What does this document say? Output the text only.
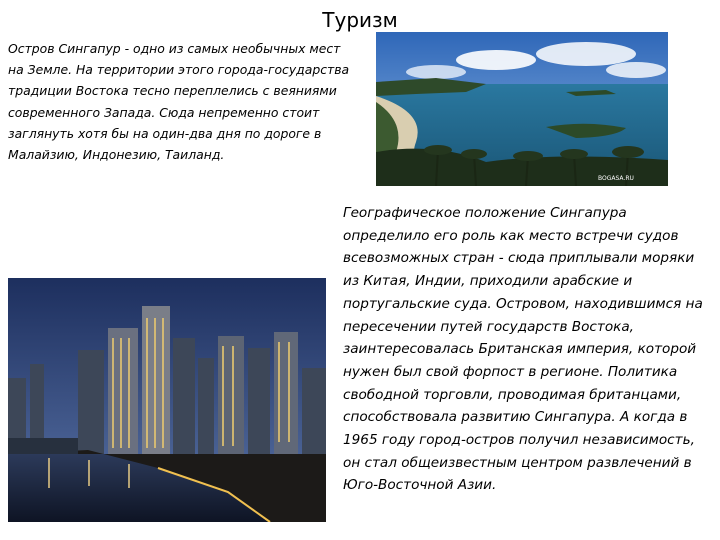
Туризм
Остров Сингапур - одно из самых необычных мест на Земле. На территории этого города-государства традиции Востока тесно переплелись с веяниями современного Запада. Сюда непременно стоит заглянуть хотя бы на один-два дня по дороге в Малайзию, Индонезию, Таиланд.
BOGASA.RU
Географическое положение Сингапура определило его роль как место встречи судов всевозможных стран - сюда приплывали моряки из Китая, Индии, приходили арабские и португальские суда. Островом, находившимся на пересечении путей государств Востока, заинтересовалась Британская империя, которой нужен был свой форпост в регионе. Политика свободной торговли, проводимая британцами, способствовала развитию Сингапура. А когда в 1965 году город-остров получил независимость, он стал общеизвестным центром развлечений в Юго-Восточной Азии.
